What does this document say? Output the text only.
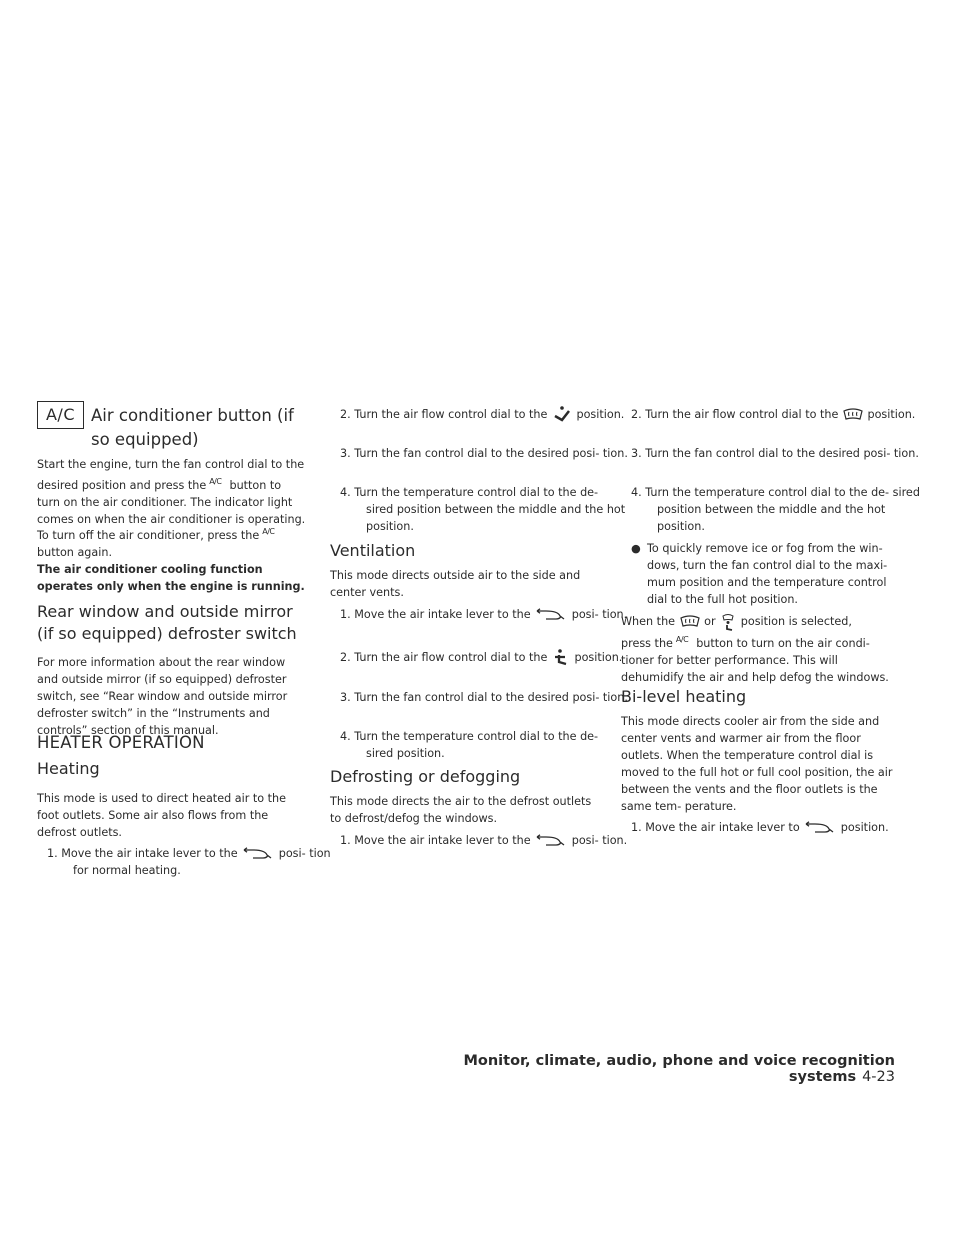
A/C Air conditioner button (if so equipped)

Start the engine, turn the fan control dial to the desired position and press the A/C button to turn on the air conditioner. The indicator light comes on when the air conditioner is operating.

To turn off the air conditioner, press the A/Cbutton again.

The air conditioner cooling function operates only when the engine is running.

Rear window and outside mirror (if so equipped) defroster switch

For more information about the rear window and outside mirror (if so equipped) defroster switch, see “Rear window and outside mirror defroster switch” in the “Instruments and controls” section of this manual.

HEATER OPERATION

Heating

This mode is used to direct heated air to the foot outlets. Some air also flows from the defrost outlets.

1. Move the air intake lever to the	posi- tion for normal heating.

2. Turn the air flow control dial to the	position.

3. Turn the fan control dial to the desired posi- tion.

4. Turn the temperature control dial to the de- sired position between the middle and the hot position.

Ventilation

This mode directs outside air to the side and center vents.

1. Move the air intake lever to the	posi- tion.

2. Turn the air flow control dial to the position.

3. Turn the fan control dial to the desired posi- tion.

4. Turn the temperature control dial to the de- sired position.

Defrosting or defogging

This mode directs the air to the defrost outlets to defrost/defog the windows.

1. Move the air intake lever to the	posi- tion.

2. Turn the air flow control dial to the	position.

3. Turn the fan control dial to the desired posi- tion.

4. Turn the temperature control dial to the de- sired position between the middle and the hot position.

● To quickly remove ice or fog from the win- dows, turn the fan control dial to the maxi- mum position and the temperature control dial to the full hot position.

When the	or position is selected,
press the A/C button to turn on the air condi- tioner for better performance. This will dehumidify the air and help defog the windows.

Bi-level heating

This mode directs cooler air from the side and center vents and warmer air from the floor outlets. When the temperature control dial is moved to the full hot or full cool position, the air between the vents and the floor outlets is the same tem- perature.

1. Move the air intake lever to	position.

Monitor, climate, audio, phone and voice recognition systems 4-23
